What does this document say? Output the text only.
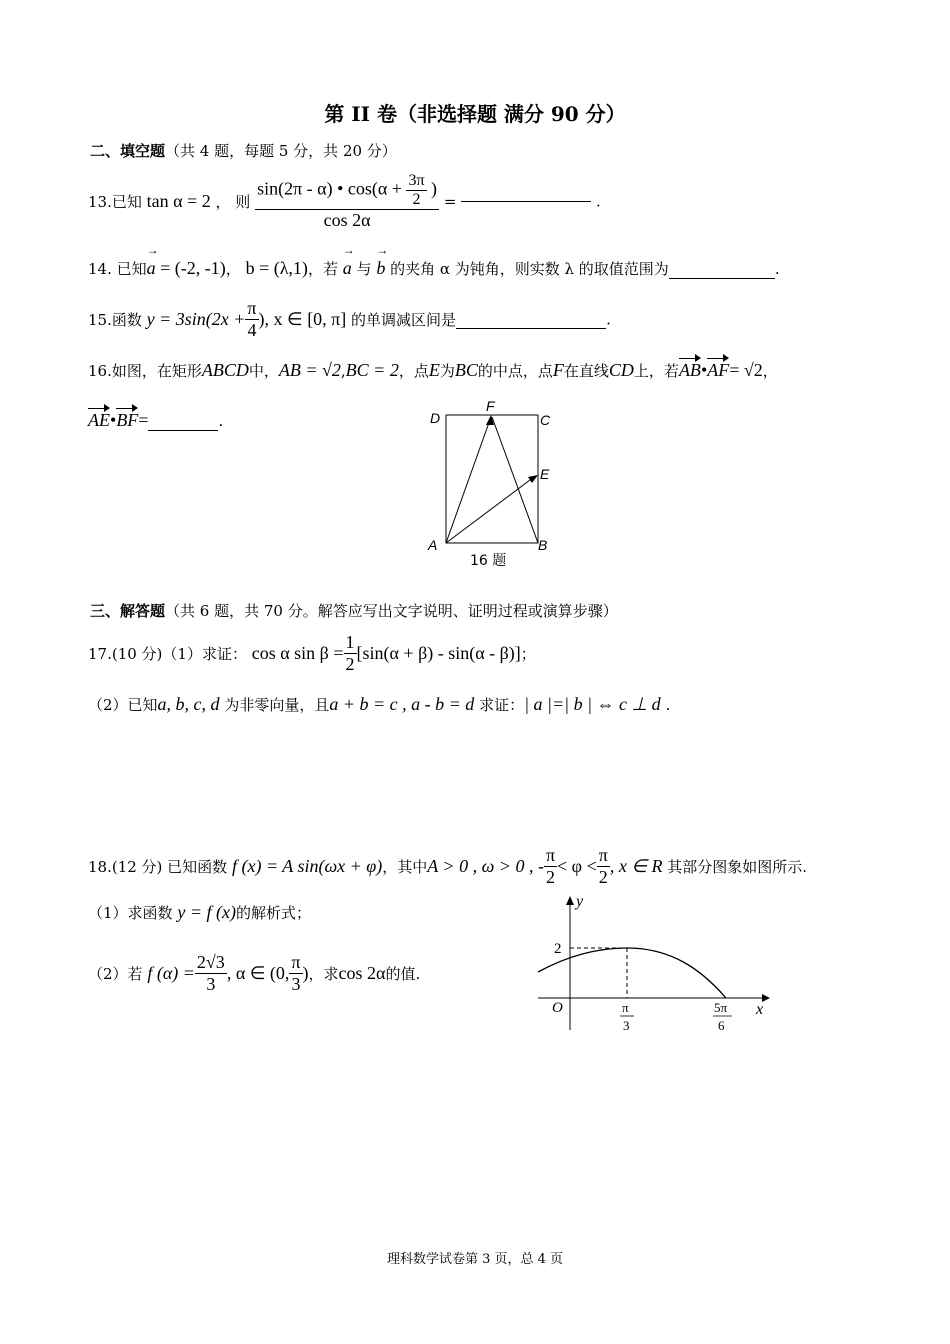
第 II 卷（非选择题 满分 90 分）
二、填空题（共 4 题，每题 5 分，共 20 分）
13.已知 tan α = 2 ， 则
sin(2π - α) • $\cos(\alpha + \frac{3\pi}{2}$ )
cos 2α
=	.
14. 已知→ a = (-2, -1)， b = (λ,1)，若 → a 与 → b 的夹角 α 为钝角，则实数 λ 的取值范围为	.
15.函数 $y = 3\sin(2x + \frac{\pi}{4}$ ), x ∈ [0, π] 的单调减区间是	.
16.如图，在矩形ABCD中，AB = √2,BC = 2，点E为BC的中点，点F在直线CD上，若AB•AF= √2，
AE•BF=	.	D
F
C
E
A	B
16 题
三、解答题（共 6 题，共 70 分。解答应写出文字说明、证明过程或演算步骤）
17.(10 分)（1）求证： cos α $\sin \beta = \frac{1}{2} [\sin(\alpha + \beta) - \sin(\alpha - \beta)]$；
（2）已知a, b, c, d 为非零向量，且a + b = c , a - b = d 求证：| a |=| b | ⇔ c ⊥ d .
18.(12 分) 已知函数 f (x) = A sin(ωx + φ)，其中A > 0 , ω > 0 , - $\frac{\pi}{2} < \varphi < \frac{\pi}{2}$ , x ∈ R 其部分图象如图所示.
（1）求函数 y = f (x)的解析式；
（2）若 f $(\alpha) = \frac{2√3}{3}$ , α ∈ (0, $\frac{\pi}{3}$ )，求cos 2α的值.
y
x
O
2
π
3
5π
6
理科数学试卷第 3 页，总 4 页
